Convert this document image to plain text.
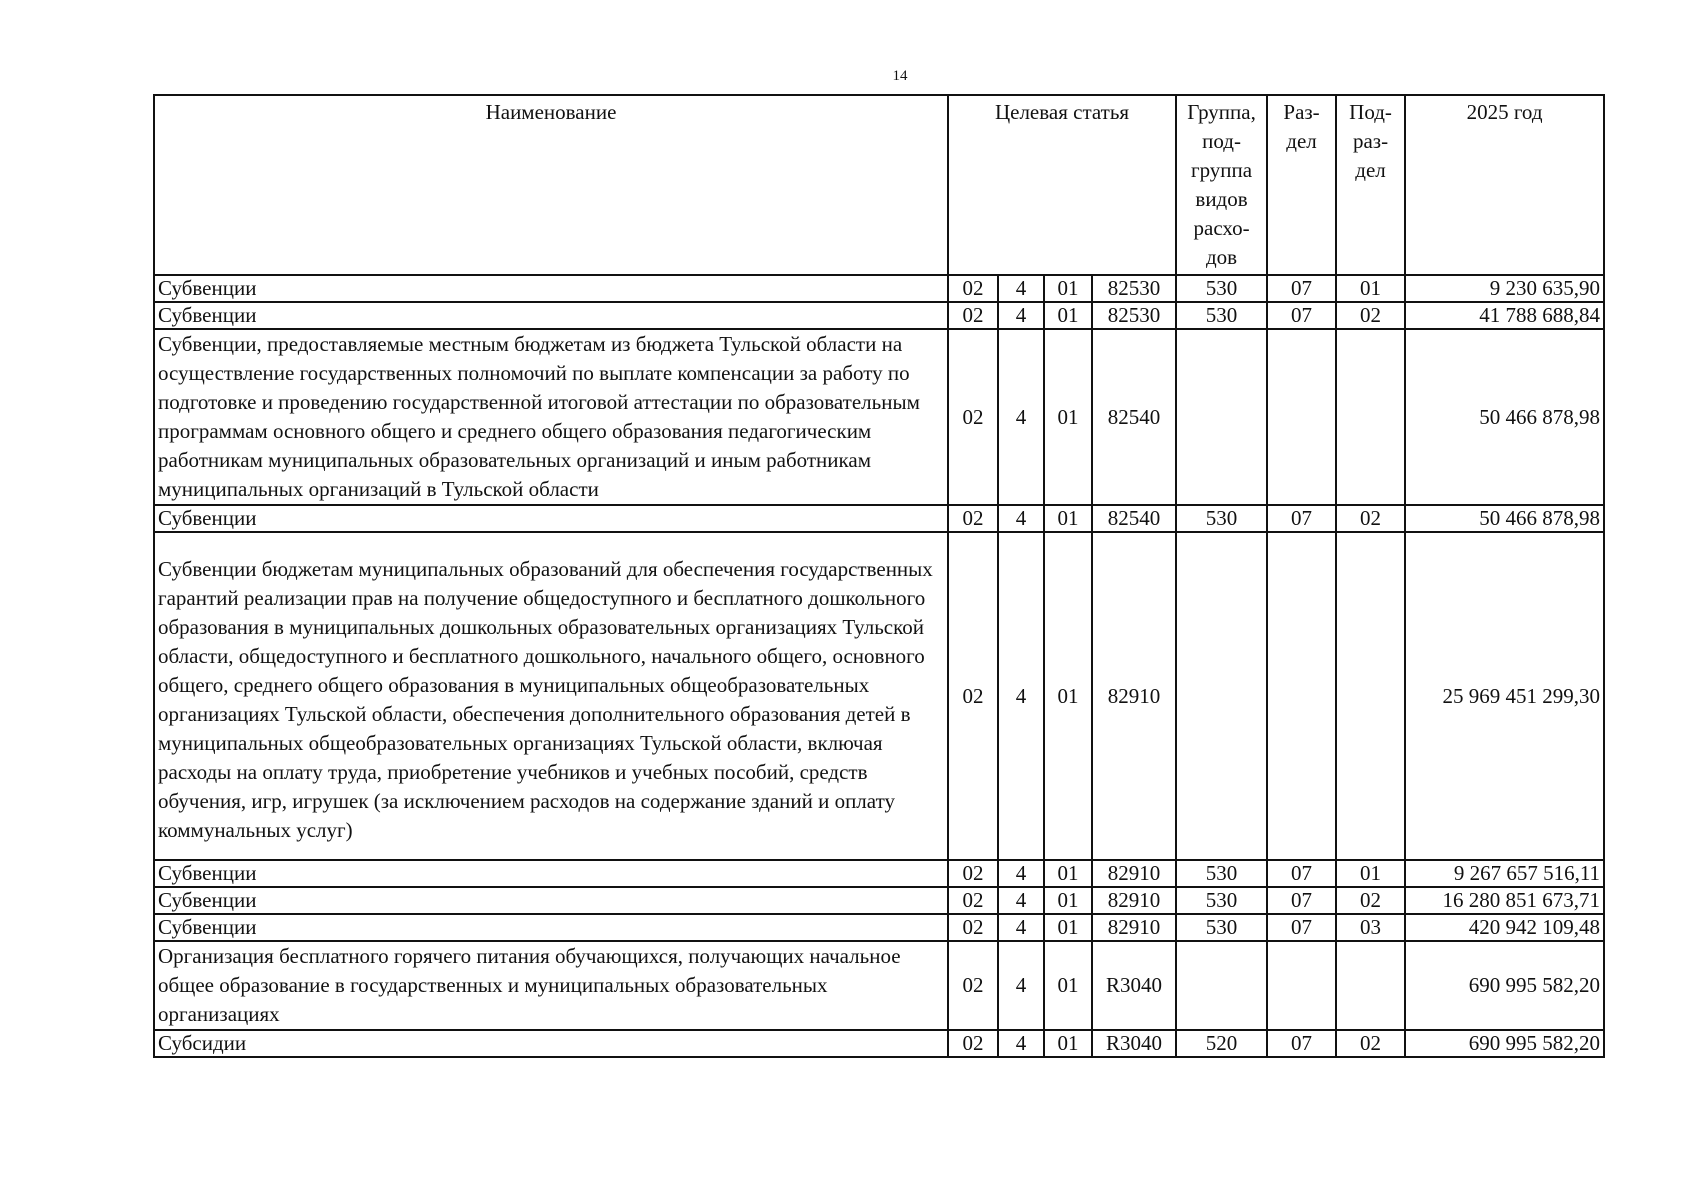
14
Наименование	Целевая статья				Группа, под-группа видов расхо-дов	Раз-дел	Под-раз-дел	2025 год
Субвенции	02	4	01	82530	530	07	01	9 230 635,90
Субвенции	02	4	01	82530	530	07	02	41 788 688,84
Субвенции, предоставляемые местным бюджетам из бюджета Тульской области на осуществление государственных полномочий по выплате компенсации за работу по подготовке и проведению государственной итоговой аттестации по образовательным программам основного общего и среднего общего образования педагогическим работникам муниципальных образовательных организаций и иным работникам муниципальных организаций в Тульской области	02	4	01	82540				50 466 878,98
Субвенции	02	4	01	82540	530	07	02	50 466 878,98
Субвенции бюджетам муниципальных образований для обеспечения государственных гарантий реализации прав на получение общедоступного и бесплатного дошкольного образования в муниципальных дошкольных образовательных организациях Тульской области, общедоступного и бесплатного дошкольного, начального общего, основного общего, среднего общего образования в муниципальных общеобразовательных организациях Тульской области, обеспечения дополнительного образования детей в муниципальных общеобразовательных организациях Тульской области, включая расходы на оплату труда, приобретение учебников и учебных пособий, средств обучения, игр, игрушек (за исключением расходов на содержание зданий и оплату коммунальных услуг)	02	4	01	82910				25 969 451 299,30
Субвенции	02	4	01	82910	530	07	01	9 267 657 516,11
Субвенции	02	4	01	82910	530	07	02	16 280 851 673,71
Субвенции	02	4	01	82910	530	07	03	420 942 109,48
Организация бесплатного горячего питания обучающихся, получающих начальное общее образование в государственных и муниципальных образовательных организациях	02	4	01	R3040				690 995 582,20
Субсидии	02	4	01	R3040	520	07	02	690 995 582,20
